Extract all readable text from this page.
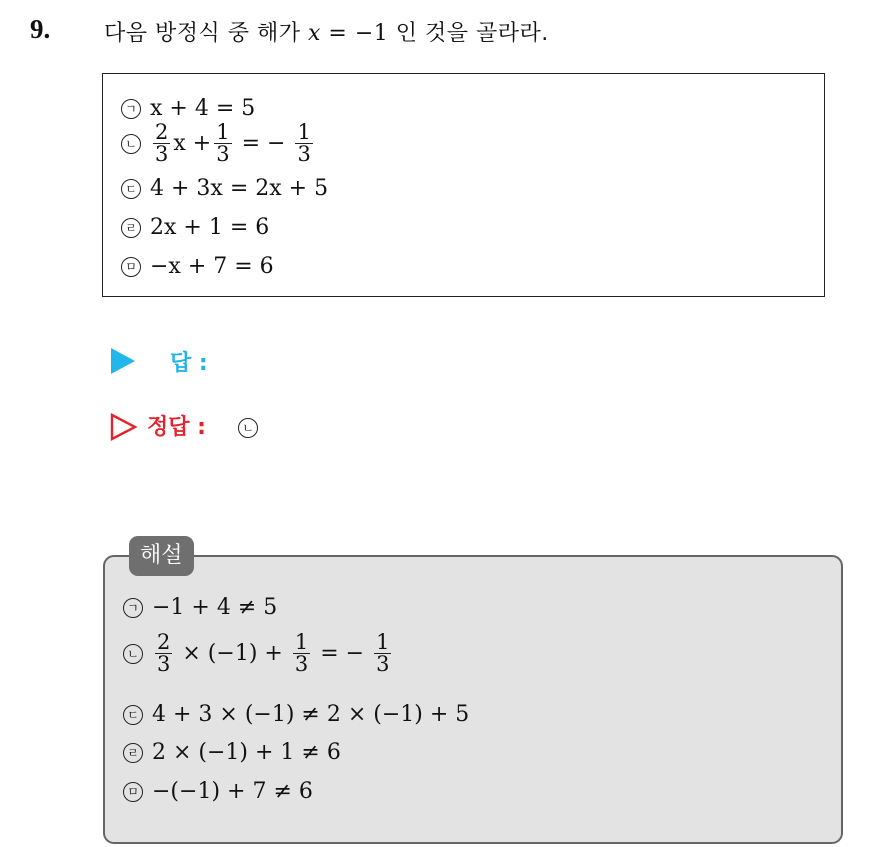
9. 다음 방정식 중 해가 x = −1 인 것을 골라라.
ㄱ x + 4 = 5
ㄴ $\frac{2}{3}$ $x + \frac{1}{3}$ = − $\frac{1}{3}$
ㄷ 4 + 3x = 2x + 5
ㄹ 2x + 1 = 6
ㅁ −x + 7 = 6
답 :
정답 :	ㄴ
ㄱ −1 + 4 ≠ 5
ㄴ $\frac{2}{3} \times (-1) + \frac{1}{3}$ = − $\frac{1}{3}$
ㄷ 4 + 3 × (−1) ≠ 2 × (−1) + 5
ㄹ 2 × (−1) + 1 ≠ 6
ㅁ −(−1) + 7 ≠ 6
해설
